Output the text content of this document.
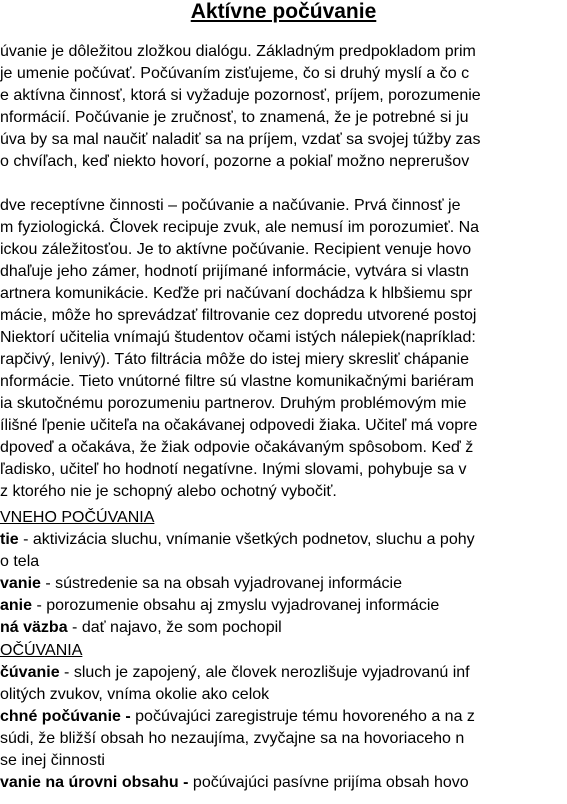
Aktívne počúvanie
úvanie je dôležitou zložkou dialógu. Základným predpokladom prim
je umenie počúvať. Počúvaním zisťujeme, čo si druhý myslí a čo c
e aktívna činnosť, ktorá si vyžaduje pozornosť, príjem, porozumenie
nformácií. Počúvanie je zručnosť, to znamená, že je potrebné si ju
úva by sa mal naučiť naladiť sa na príjem, vzdať sa svojej túžby zas
o chvíľach, keď niekto hovorí, pozorne a pokiaľ možno neprerušov
dve receptívne činnosti – počúvanie a načúvanie. Prvá činnosť je
m fyziologická. Človek recipuje zvuk, ale nemusí im porozumieť. Na
ickou záležitosťou. Je to aktívne počúvanie. Recipient venuje hovo
dhaľuje jeho zámer, hodnotí prijímané informácie, vytvára si vlastn
artnera komunikácie. Keďže pri načúvaní dochádza k hlbšiemu spr
mácie, môže ho sprevádzať filtrovanie cez dopredu utvorené postoj
Niektorí učitelia vnímajú študentov očami istých nálepiek(napríklad:
rapčivý, lenivý). Táto filtrácia môže do istej miery skresliť chápanie
nformácie. Tieto vnútorné filtre sú vlastne komunikačnými bariéram
ia skutočnému porozumeniu partnerov. Druhým problémovým mie
ílišné ľpenie učiteľa na očakávanej odpovedi žiaka. Učiteľ má vopre
dpoveď a očakáva, že žiak odpovie očakávaným spôsobom. Keď ž
ľadisko, učiteľ ho hodnotí negatívne. Inými slovami, pohybuje sa v
z ktorého nie je schopný alebo ochotný vybočiť.
VNEHO POČÚVANIA
tie - aktivizácia sluchu, vnímanie všetkých podnetov, sluchu a pohy
o tela
vanie - sústredenie sa na obsah vyjadrovanej informácie
anie - porozumenie obsahu aj zmyslu vyjadrovanej informácie
ná väzba - dať najavo, že som pochopil
OČÚVANIA
čúvanie - sluch je zapojený, ale človek nerozlišuje vyjadrovanú inf
olitých zvukov, vníma okolie ako celok
chné počúvanie - počúvajúci zaregistruje tému hovoreného a na z
súdi, že bližší obsah ho nezaujíma, zvyčajne sa na hovoriaceho n
se inej činnosti
vanie na úrovni obsahu - počúvajúci pasívne prijíma obsah hovo
